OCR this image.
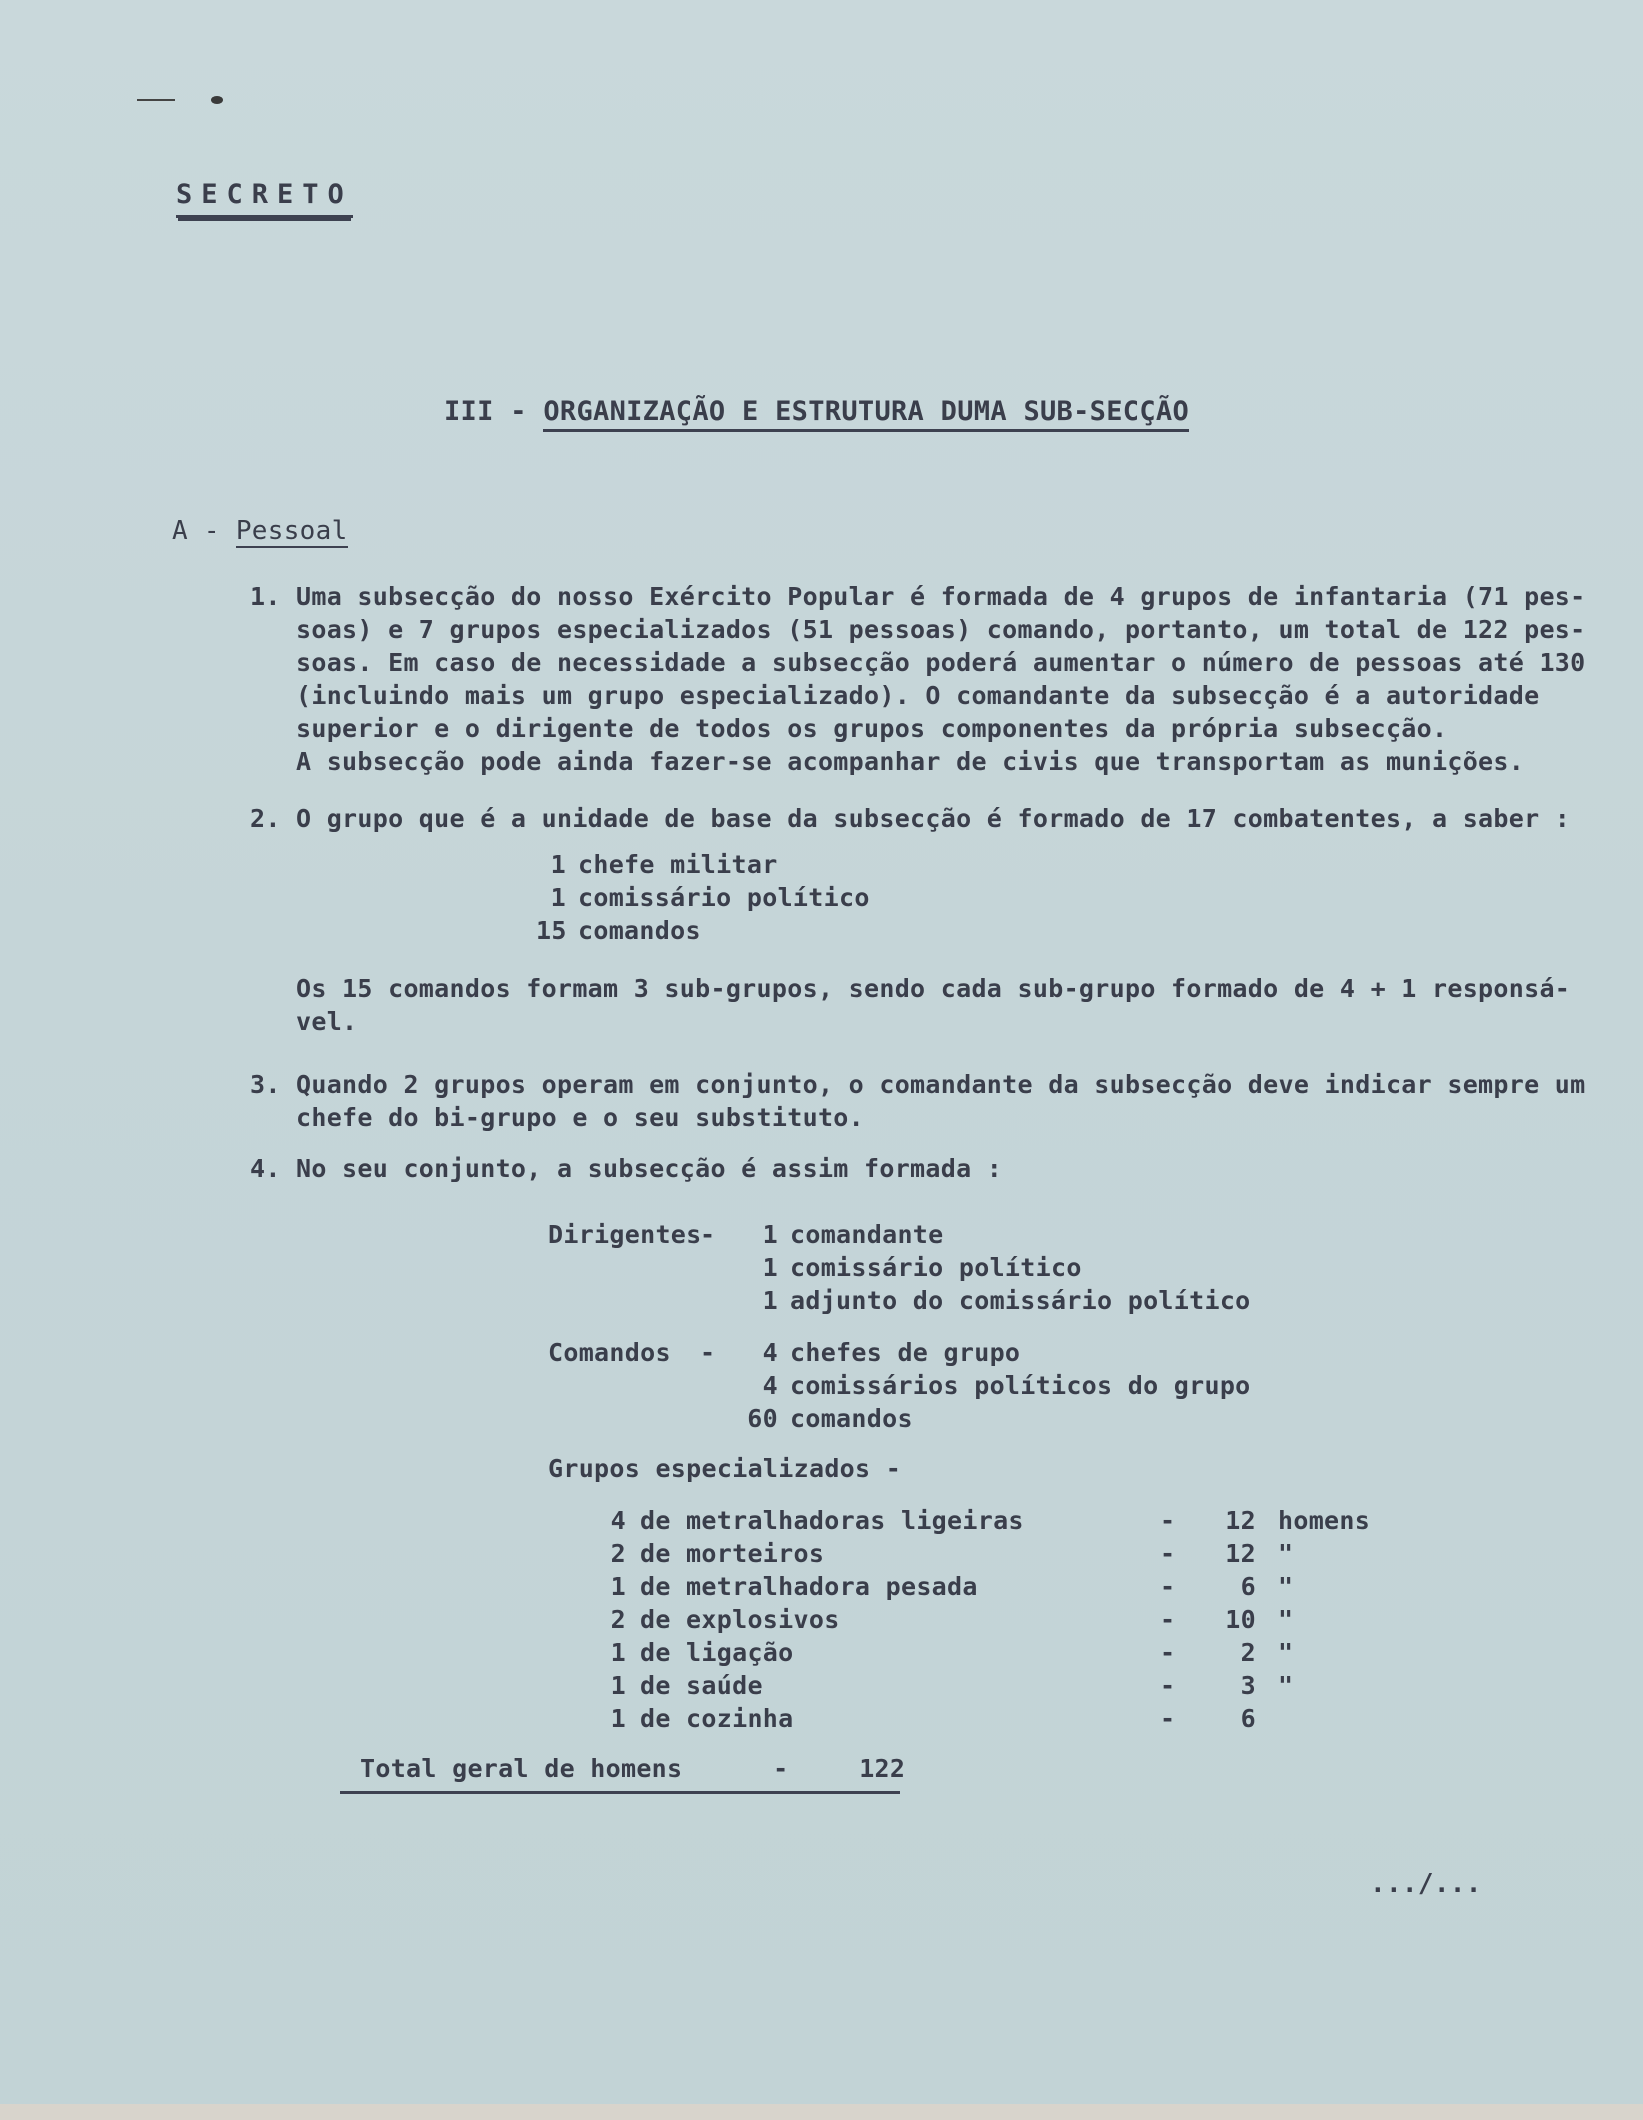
SECRETO
III - ORGANIZAÇÃO E ESTRUTURA DUMA SUB-SECÇÃO
A - Pessoal
1. Uma subsecção do nosso Exército Popular é formada de 4 grupos de infantaria (71 pes-
soas) e 7 grupos especializados (51 pessoas) comando, portanto, um total de 122 pes-
soas. Em caso de necessidade a subsecção poderá aumentar o número de pessoas até 130
(incluindo mais um grupo especializado). O comandante da subsecção é a autoridade
superior e o dirigente de todos os grupos componentes da própria subsecção.
A subsecção pode ainda fazer-se acompanhar de civis que transportam as munições.
2. O grupo que é a unidade de base da subsecção é formado de 17 combatentes, a saber :
1 chefe militar
1 comissário político
15 comandos
Os 15 comandos formam 3 sub-grupos, sendo cada sub-grupo formado de 4 + 1 responsá-
vel.
3. Quando 2 grupos operam em conjunto, o comandante da subsecção deve indicar sempre um
chefe do bi-grupo e o seu substituto.
4. No seu conjunto, a subsecção é assim formada :
Dirigentes- 1 comandante
1 comissário político
1 adjunto do comissário político
Comandos - 4 chefes de grupo
4 comissários políticos do grupo
60 comandos
Grupos especializados -
4 de metralhadoras ligeiras	- 12 homens
2 de morteiros	- 12 "
1 de metralhadora pesada	-	6 "
2 de explosivos	- 10 "
1 de ligação	-	2 "
1 de saúde	-	3 "
1 de cozinha	-	6
Total geral de homens	-	122
.../...
